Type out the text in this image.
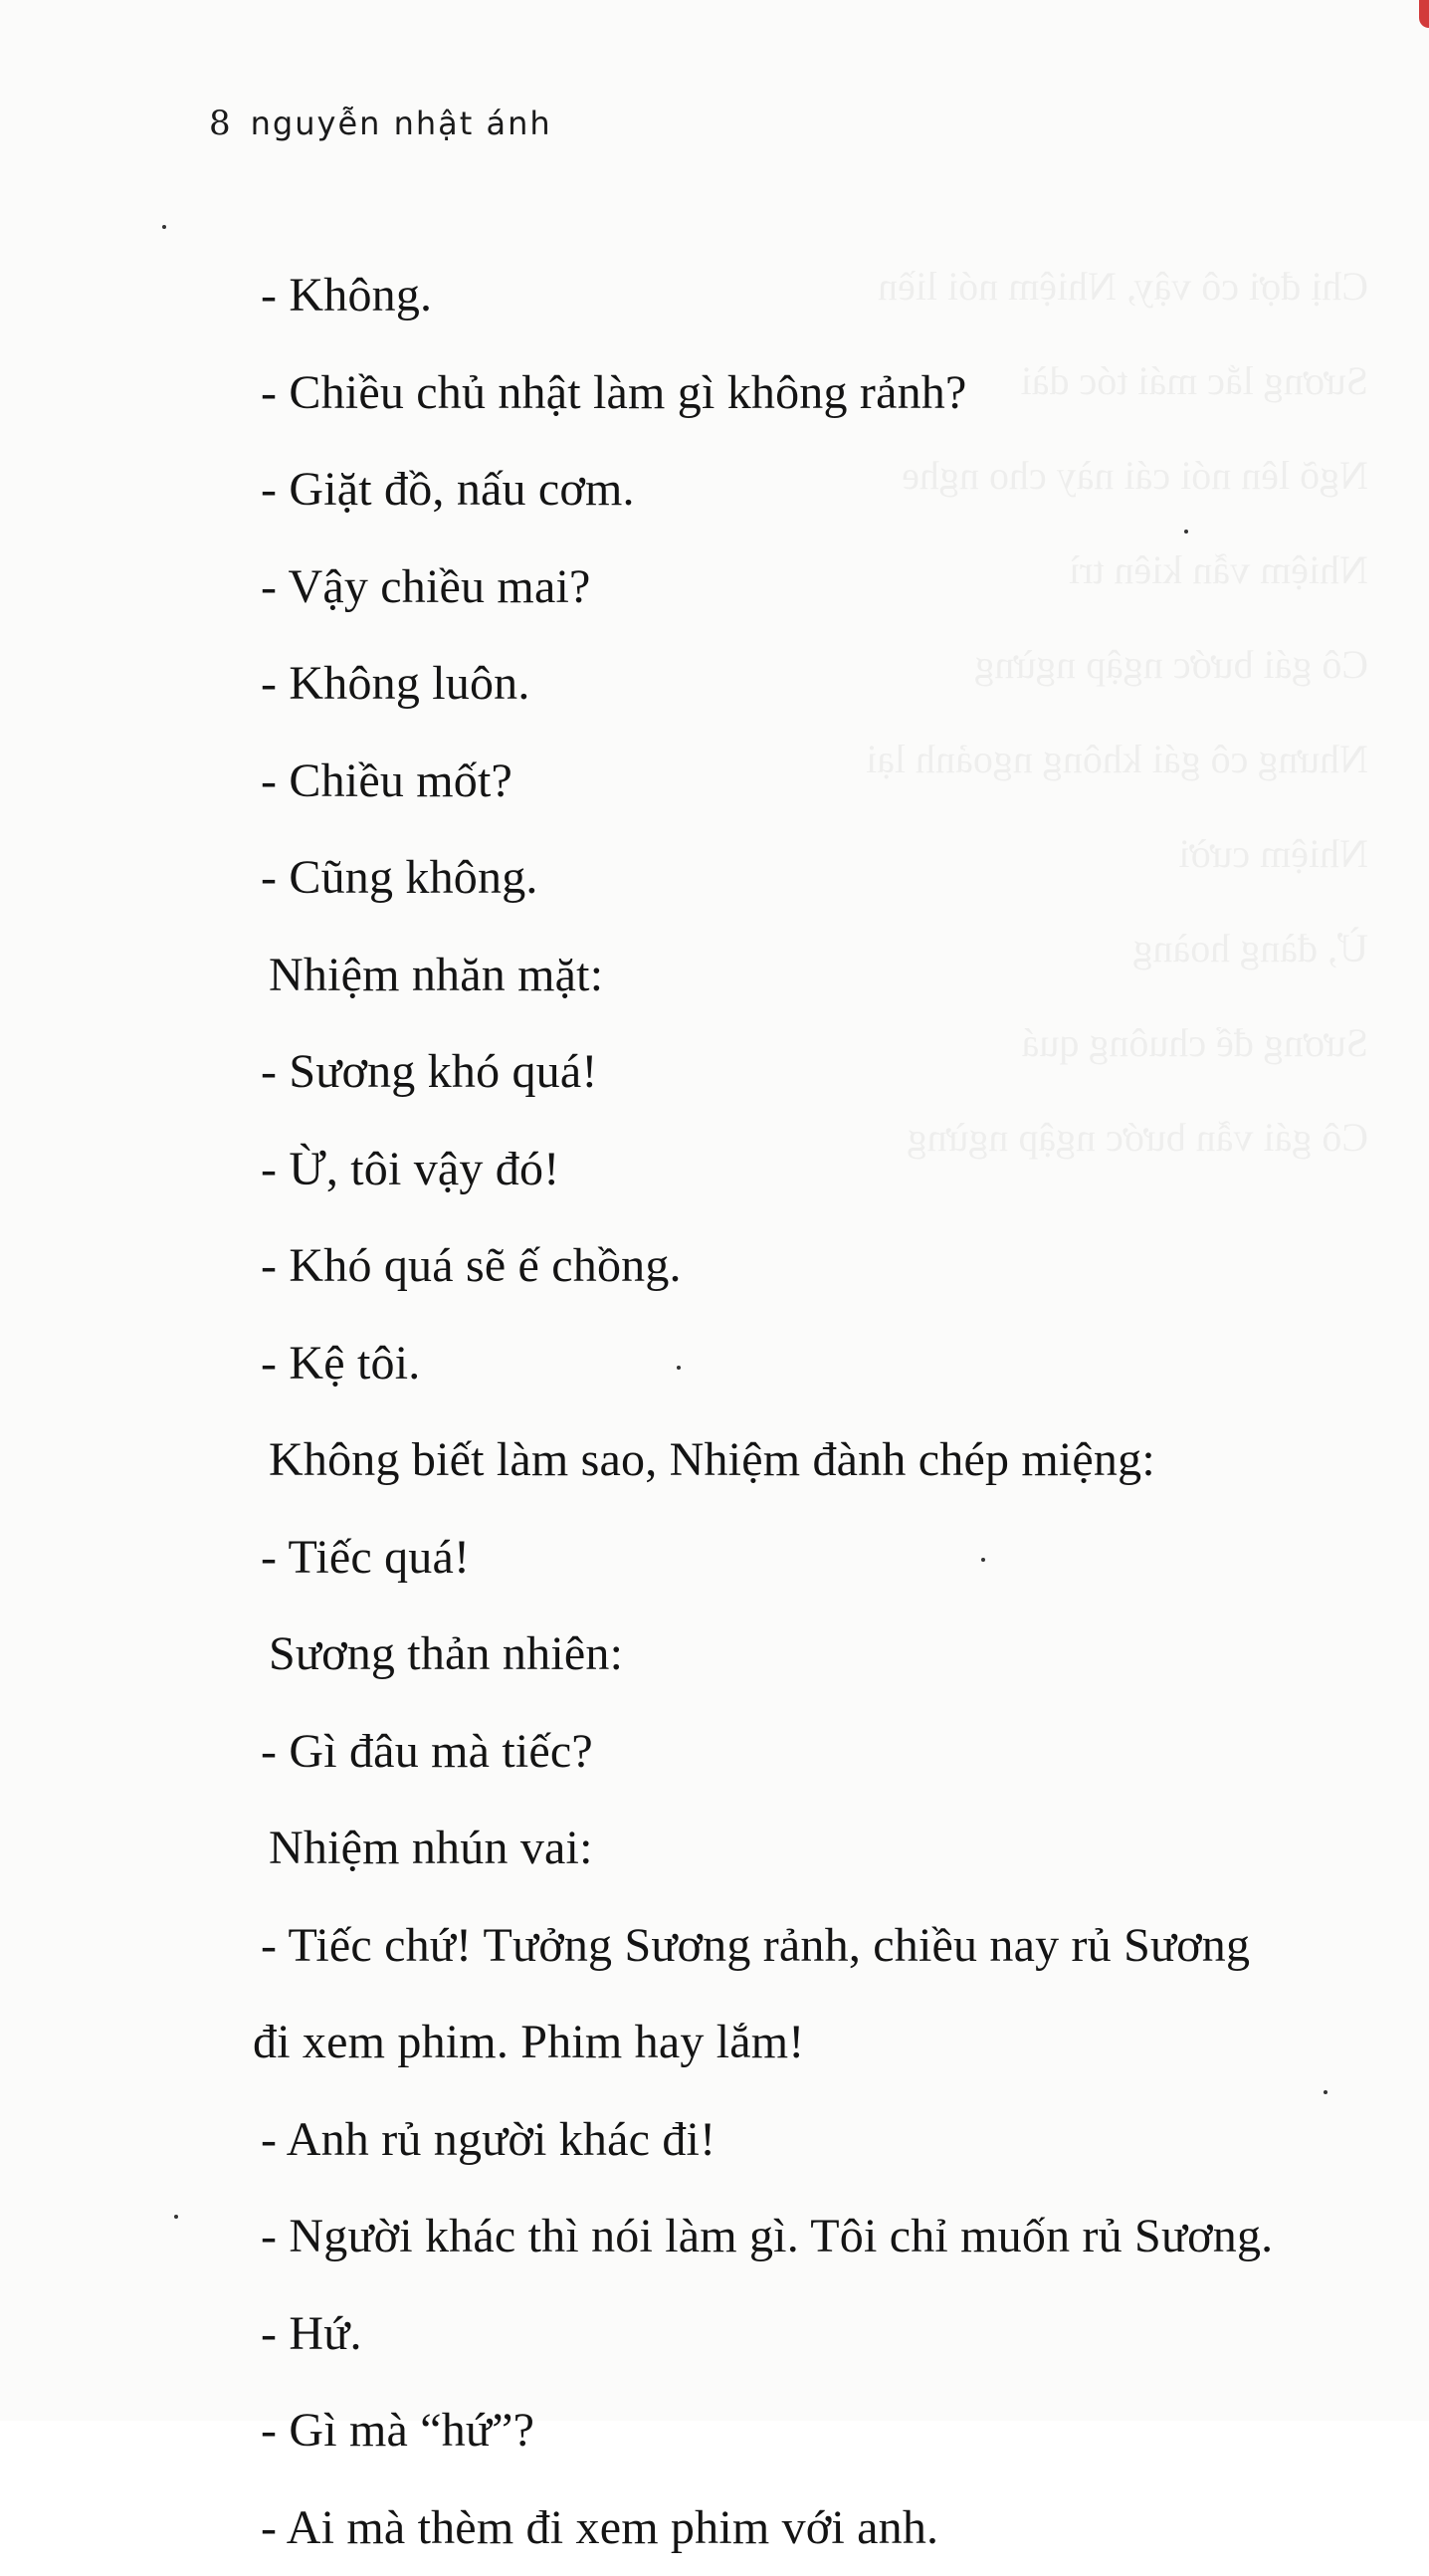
Chị đợi cô vậy, Nhiệm nói liền
Sương lắc mái tóc dài
Ngõ lên nói cái này cho nghe
Nhiệm vẫn kiên trì
Cô gái bước ngập ngừng
Nhưng cô gái không ngoảnh lại
Nhiệm cười
Ừ, đàng hoàng
Sương để chuông quá
Cô gái vẫn bước ngập ngừng
8 nguyễn nhật ánh
- Không.
- Chiều chủ nhật làm gì không rảnh?
- Giặt đồ, nấu cơm.
- Vậy chiều mai?
- Không luôn.
- Chiều mốt?
- Cũng không.
Nhiệm nhăn mặt:
- Sương khó quá!
- Ừ, tôi vậy đó!
- Khó quá sẽ ế chồng.
- Kệ tôi.
Không biết làm sao, Nhiệm đành chép miệng:
- Tiếc quá!
Sương thản nhiên:
- Gì đâu mà tiếc?
Nhiệm nhún vai:
- Tiếc chứ! Tưởng Sương rảnh, chiều nay rủ Sương
đi xem phim. Phim hay lắm!
- Anh rủ người khác đi!
- Người khác thì nói làm gì. Tôi chỉ muốn rủ Sương.
- Hứ.
- Gì mà “hứ”?
- Ai mà thèm đi xem phim với anh.
